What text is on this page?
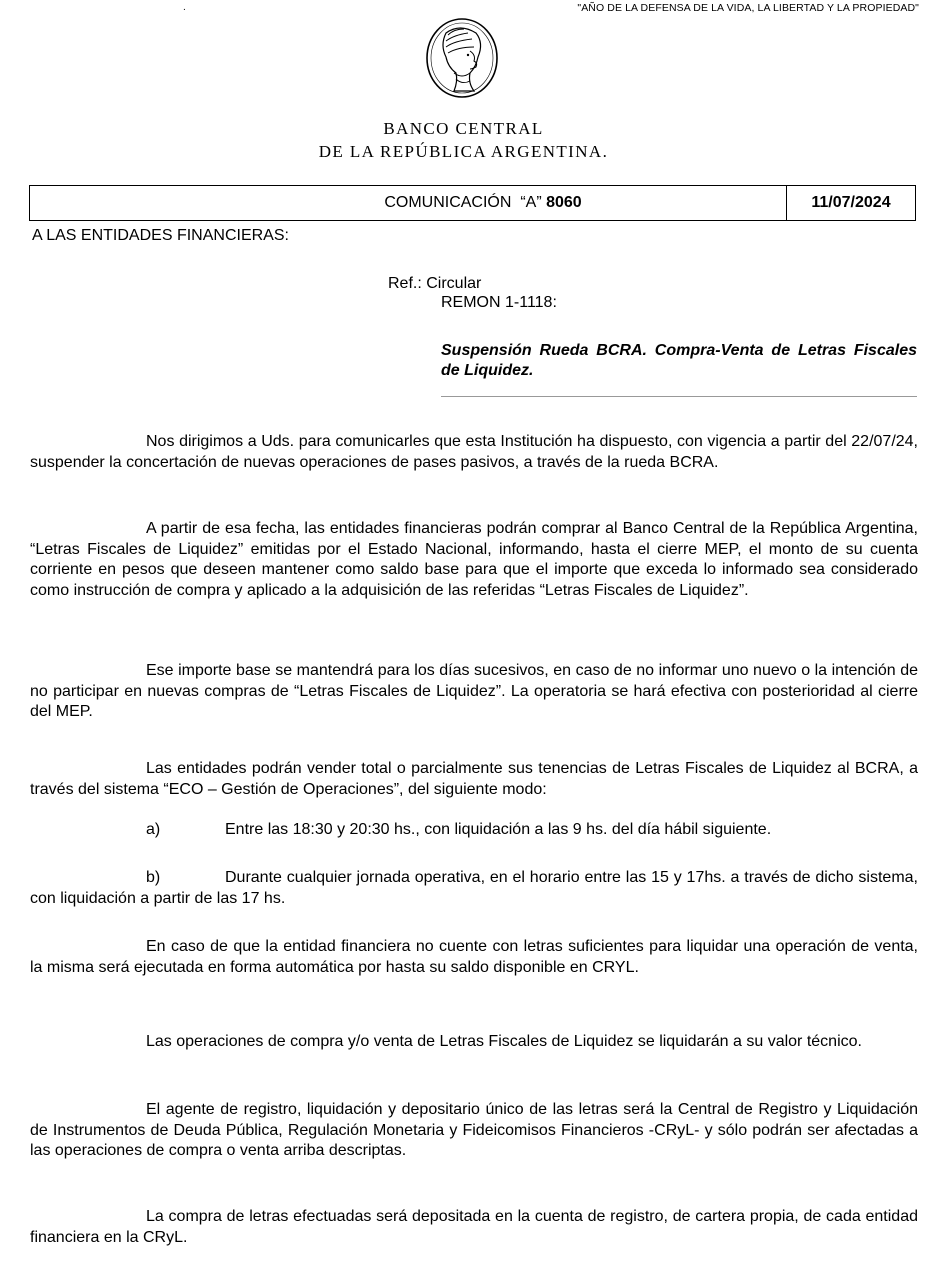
.	"AÑO DE LA DEFENSA DE LA VIDA, LA LIBERTAD Y LA PROPIEDAD"
BANCO CENTRAL
DE LA REPÚBLICA ARGENTINA.
COMUNICACIÓN  “A” 8060	11/07/2024
A LAS ENTIDADES FINANCIERAS:
Ref.: Circular
REMON 1-1118:
Suspensión Rueda BCRA. Compra-Venta de Letras Fiscales de Liquidez.

Nos dirigimos a Uds. para comunicarles que esta Institución ha dispuesto, con vigencia a partir del 22/07/24, suspender la concertación de nuevas operaciones de pases pasivos, a través de la rueda BCRA.

A partir de esa fecha, las entidades financieras podrán comprar al Banco Central de la República Argentina, “Letras Fiscales de Liquidez” emitidas por el Estado Nacional, informando, hasta el cierre MEP, el monto de su cuenta corriente en pesos que deseen mantener como saldo base para que el importe que exceda lo informado sea considerado como instrucción de compra y aplicado a la adquisición de las referidas “Letras Fiscales de Liquidez”.

Ese importe base se mantendrá para los días sucesivos, en caso de no informar uno nuevo o la intención de no participar en nuevas compras de “Letras Fiscales de Liquidez”. La operatoria se hará efectiva con posterioridad al cierre del MEP.

Las entidades podrán vender total o parcialmente sus tenencias de Letras Fiscales de Liquidez al BCRA, a través del sistema “ECO – Gestión de Operaciones”, del siguiente modo:

a)	Entre las 18:30 y 20:30 hs., con liquidación a las 9 hs. del día hábil siguiente.
b)	Durante cualquier jornada operativa, en el horario entre las 15 y 17hs. a través de dicho sistema, con liquidación a partir de las 17 hs.

En caso de que la entidad financiera no cuente con letras suficientes para liquidar una operación de venta, la misma será ejecutada en forma automática por hasta su saldo disponible en CRYL.

Las operaciones de compra y/o venta de Letras Fiscales de Liquidez se liquidarán a su valor técnico.

El agente de registro, liquidación y depositario único de las letras será la Central de Registro y Liquidación de Instrumentos de Deuda Pública, Regulación Monetaria y Fideicomisos Financieros -CRyL- y sólo podrán ser afectadas a las operaciones de compra o venta arriba descriptas.

La compra de letras efectuadas será depositada en la cuenta de registro, de cartera propia, de cada entidad financiera en la CRyL.
